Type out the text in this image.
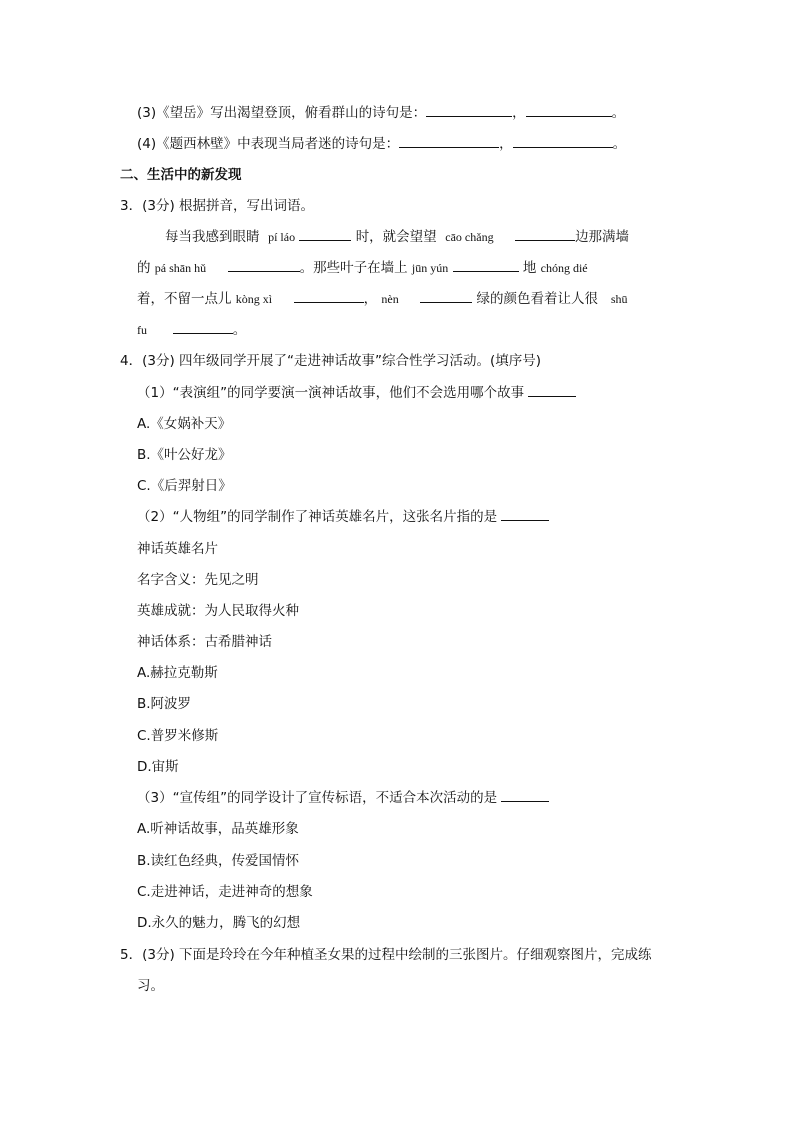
(3)《望岳》写出渴望登顶，俯看群山的诗句是：	，	。
(4)《题西林壁》中表现当局者迷的诗句是：	，	。
二、生活中的新发现
3．(3分) 根据拼音，写出词语。
每当我感到眼睛 pí láo	时，就会望望 cāo chǎng	边那满墙
的 pá shān hǔ	。那些叶子在墙上 jūn yún	地 chóng dié
着，不留一点儿 kòng xì	， nèn	绿的颜色看着让人很 shū
fu	。
4．(3分) 四年级同学开展了“走进神话故事”综合性学习活动。(填序号)
（1）“表演组”的同学要演一演神话故事，他们不会选用哪个故事
A.《女娲补天》
B.《叶公好龙》
C.《后羿射日》
（2）“人物组”的同学制作了神话英雄名片，这张名片指的是
神话英雄名片
名字含义：先见之明
英雄成就：为人民取得火种
神话体系：古希腊神话
A.赫拉克勒斯
B.阿波罗
C.普罗米修斯
D.宙斯
（3）“宣传组”的同学设计了宣传标语，不适合本次活动的是
A.听神话故事，品英雄形象
B.读红色经典，传爱国情怀
C.走进神话，走进神奇的想象
D.永久的魅力，腾飞的幻想
5．(3分) 下面是玲玲在今年种植圣女果的过程中绘制的三张图片。仔细观察图片，完成练
习。
